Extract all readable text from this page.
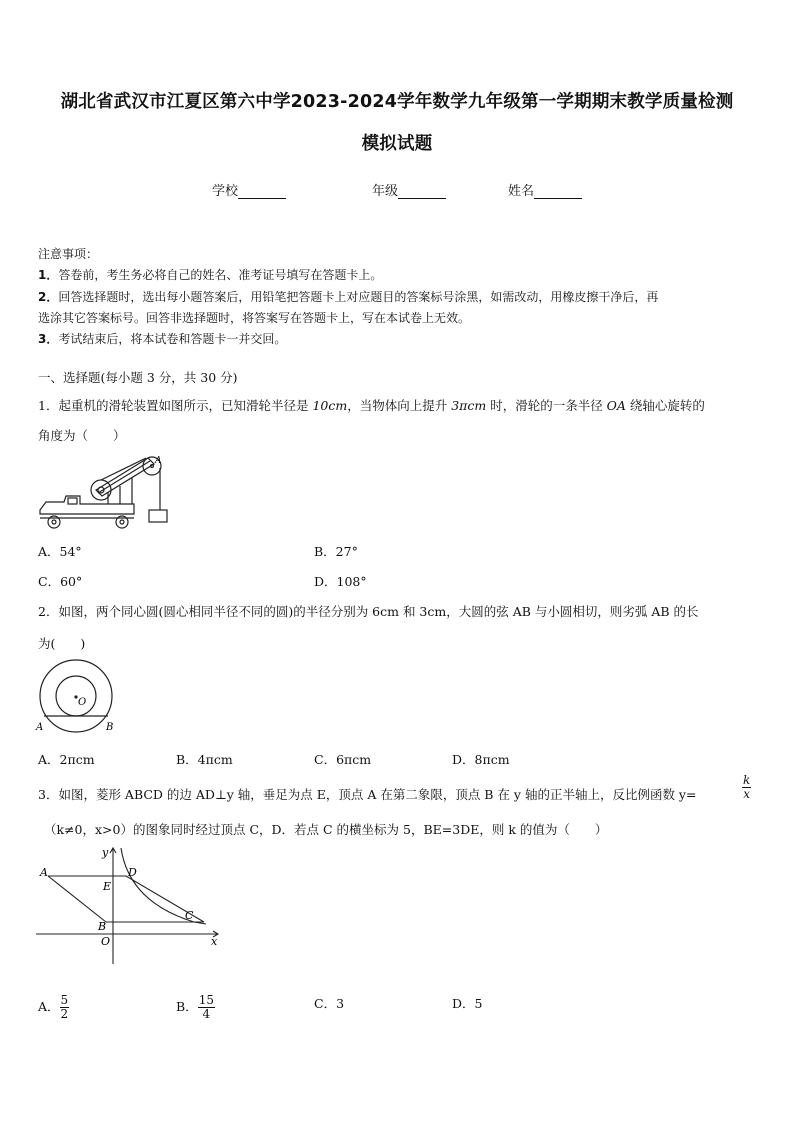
湖北省武汉市江夏区第六中学2023-2024学年数学九年级第一学期期末教学质量检测
模拟试题
学校	年级	姓名
注意事项：
1．答卷前，考生务必将自己的姓名、准考证号填写在答题卡上。
2．回答选择题时，选出每小题答案后，用铅笔把答题卡上对应题目的答案标号涂黑，如需改动，用橡皮擦干净后，再
选涂其它答案标号。回答非选择题时，将答案写在答题卡上，写在本试卷上无效。
3．考试结束后，将本试卷和答题卡一并交回。
一、选择题(每小题 3 分，共 30 分)
1．起重机的滑轮装置如图所示，已知滑轮半径是 10cm，当物体向上提升 3πcm 时，滑轮的一条半径 OA 绕轴心旋转的
角度为（　　）
A
A．54°	B．27°
C．60°	D．108°
2．如图，两个同心圆(圆心相同半径不同的圆)的半径分别为 6cm 和 3cm，大圆的弦 AB 与小圆相切，则劣弧 AB 的长
为(　　)
O
A	B
A．2πcm	B．4πcm	C．6πcm	D．8πcm
3．如图，菱形 ABCD 的边 AD⊥y 轴，垂足为点 E，顶点 A 在第二象限，顶点 B 在 y 轴的正半轴上，反比例函数 y=	$\frac{k}{x}$
（k≠0，x>0）的图象同时经过顶点 C，D．若点 C 的横坐标为 5，BE=3DE，则 k 的值为（　　）
A	D
E
B
C
O	x
y
A． $\frac{5}{2}$	B． $\frac{15}{4}$	C．3	D．5
